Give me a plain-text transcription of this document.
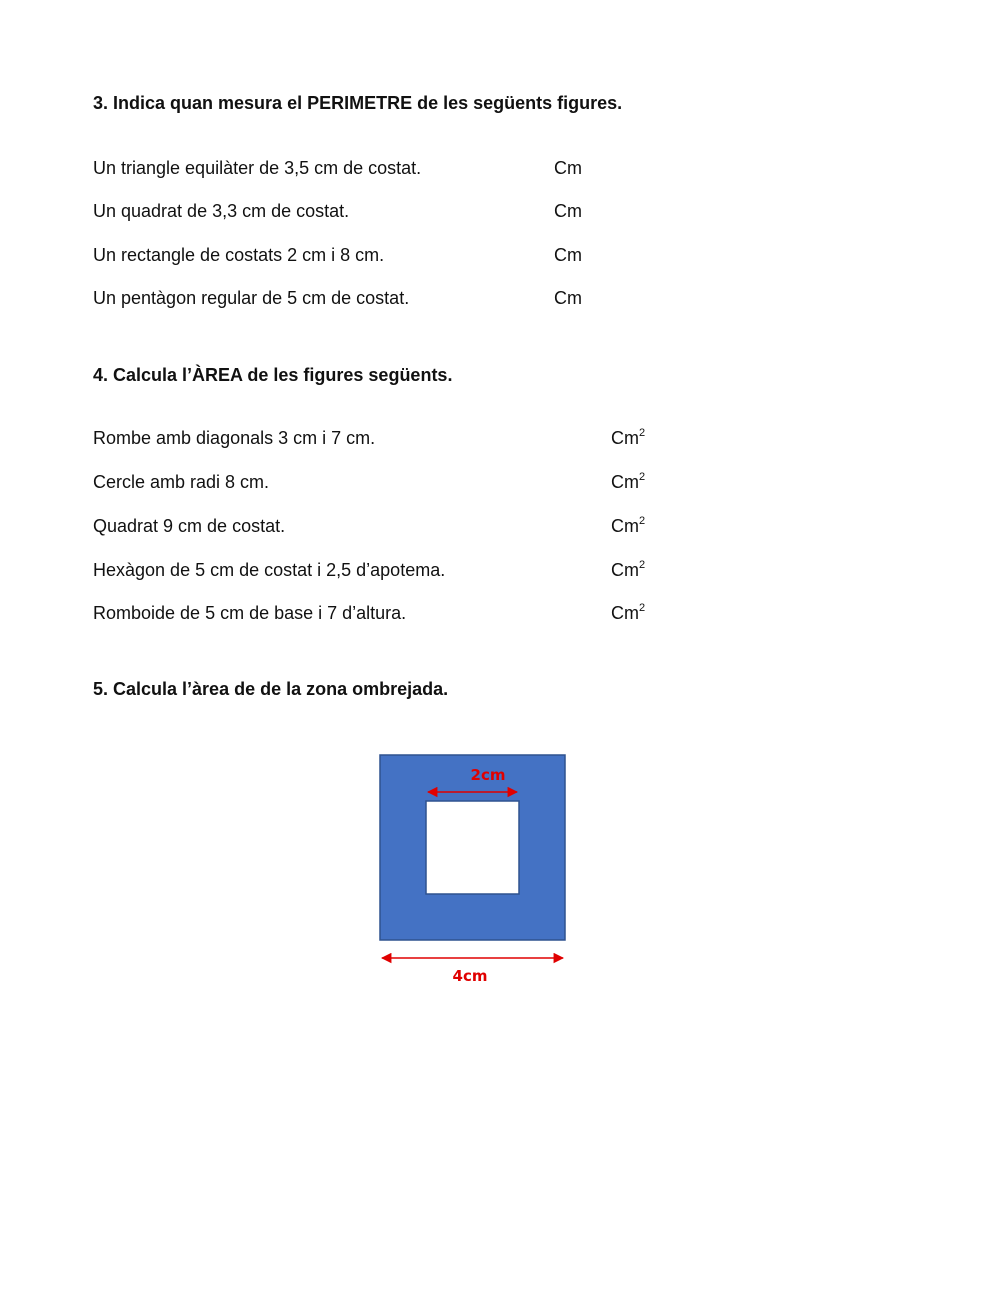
3. Indica quan mesura el PERIMETRE de les següents figures.
Un triangle equilàter de 3,5 cm de costat.	Cm
Un quadrat de 3,3 cm de costat.	Cm
Un rectangle de costats 2 cm i 8 cm.	Cm
Un pentàgon regular de 5 cm de costat.	Cm
4. Calcula l’ÀREA de les figures següents.
Rombe amb diagonals 3 cm i 7 cm.	Cm$^2$
Cercle amb radi 8 cm.	Cm$^2$
Quadrat 9 cm de costat.	Cm$^2$
Hexàgon de 5 cm de costat i 2,5 d’apotema.	Cm$^2$
Romboide de 5 cm de base i 7 d’altura.	Cm$^2$
5. Calcula l’àrea de de la zona ombrejada.
2cm
4cm
